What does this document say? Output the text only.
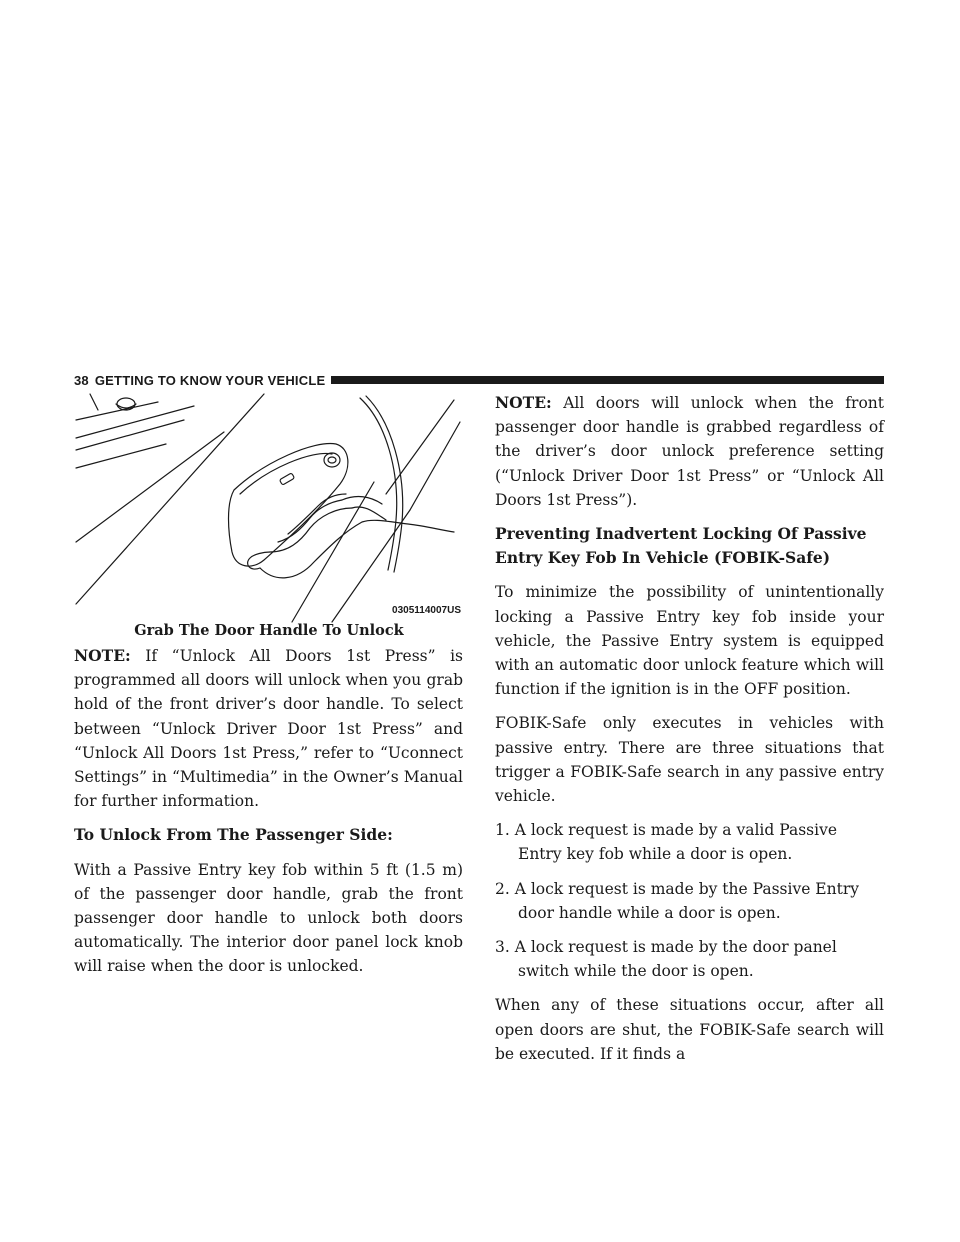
38 GETTING TO KNOW YOUR VEHICLE
0305114007US
Grab The Door Handle To Unlock

NOTE: If “Unlock All Doors 1st Press” is programmed all doors will unlock when you grab hold of the front driver’s door handle. To select between “Unlock Driver Door 1st Press” and “Unlock All Doors 1st Press,” refer to “Uconnect Settings” in “Multimedia” in the Owner’s Manual for further information.

To Unlock From The Passenger Side:

With a Passive Entry key fob within 5 ft (1.5 m) of the passenger door handle, grab the front passenger door handle to unlock both doors automatically. The interior door panel lock knob will raise when the door is unlocked.

NOTE: All doors will unlock when the front passenger door handle is grabbed regardless of the driver’s door unlock preference setting (“Unlock Driver Door 1st Press” or “Unlock All Doors 1st Press”).

Preventing Inadvertent Locking Of Passive Entry Key Fob In Vehicle (FOBIK-Safe)

To minimize the possibility of unintentionally locking a Passive Entry key fob inside your vehicle, the Passive Entry system is equipped with an automatic door unlock feature which will function if the ignition is in the OFF position.

FOBIK-Safe only executes in vehicles with passive entry. There are three situations that trigger a FOBIK-Safe search in any passive entry vehicle.

1. A lock request is made by a valid Passive Entry key fob while a door is open.

2. A lock request is made by the Passive Entry door handle while a door is open.

3. A lock request is made by the door panel switch while the door is open.

When any of these situations occur, after all open doors are shut, the FOBIK-Safe search will be executed. If it finds a
